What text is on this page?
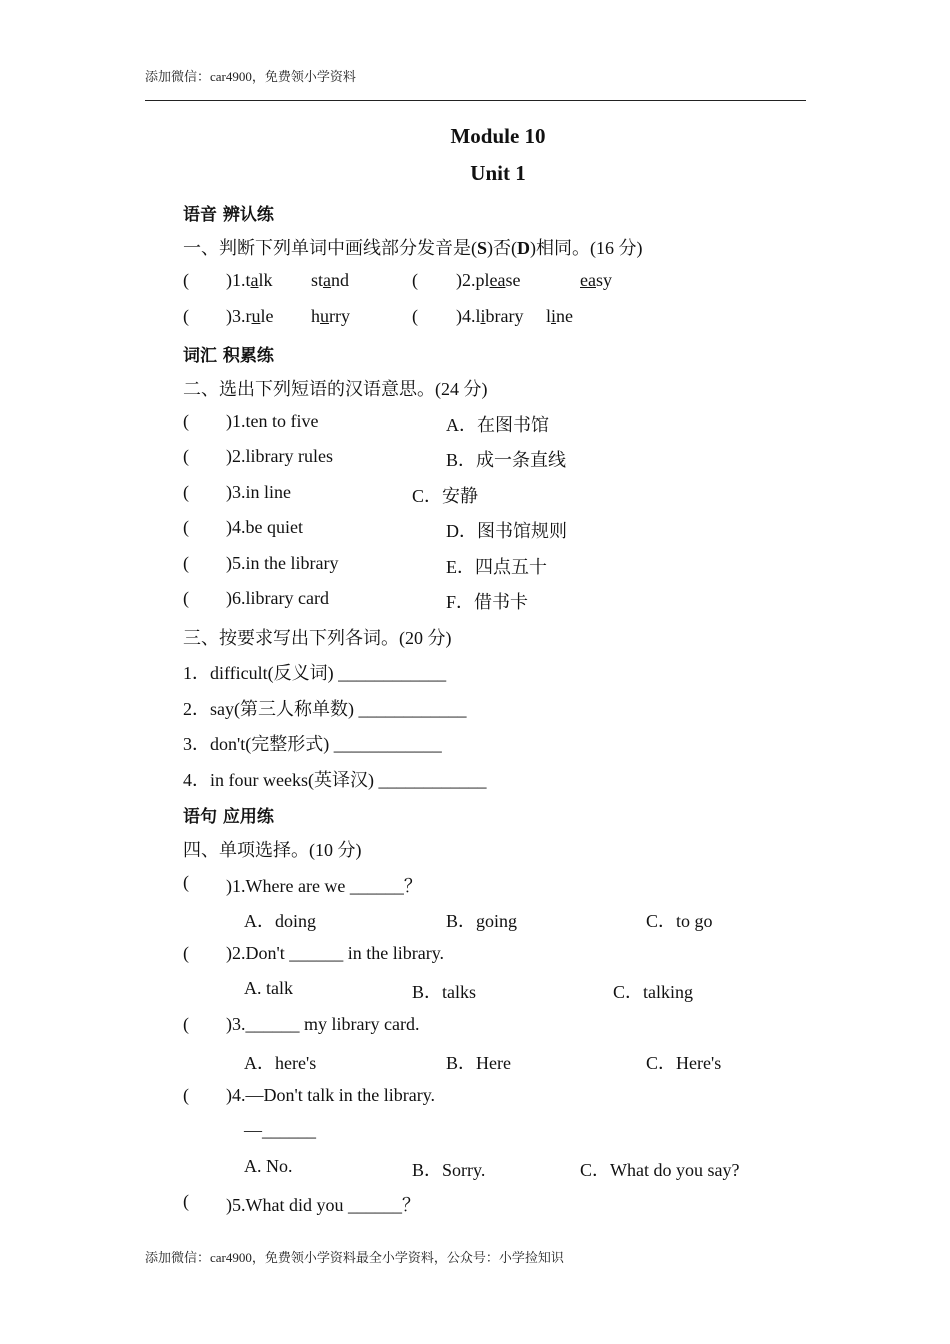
添加微信：car4900，免费领小学资料
Module 10
Unit 1
语音 辨认练
一、判断下列单词中画线部分发音是(S)否(D)相同。(16 分)
( )1.talk stand	( )2.please	easy
( )3.rule hurry	( )4.library line
词汇 积累练
二、选出下列短语的汉语意思。(24 分)
( )1.ten to five	A．在图书馆
( )2.library rules	B．成一条直线
( )3.in line	C．安静
( )4.be quiet	D．图书馆规则
( )5.in the library	E．四点五十
( )6.library card	F．借书卡
三、按要求写出下列各词。(20 分)
1．difficult(反义词) ____________
2．say(第三人称单数) ____________
3．don't(完整形式) ____________
4．in four weeks(英译汉) ____________
语句 应用练
四、单项选择。(10 分)
( )1.Where are we ______？
A．doing	B．going	C．to go
( )2.Don't ______ in the library.
A. talk	B．talks	C．talking
( )3.______ my library card.
A．here's	B．Here	C．Here's
( )4.—Don't talk in the library.
—______
A. No.	B．Sorry.	C．What do you say?
( )5.What did you ______？
添加微信：car4900，免费领小学资料最全小学资料，公众号：小学捡知识
